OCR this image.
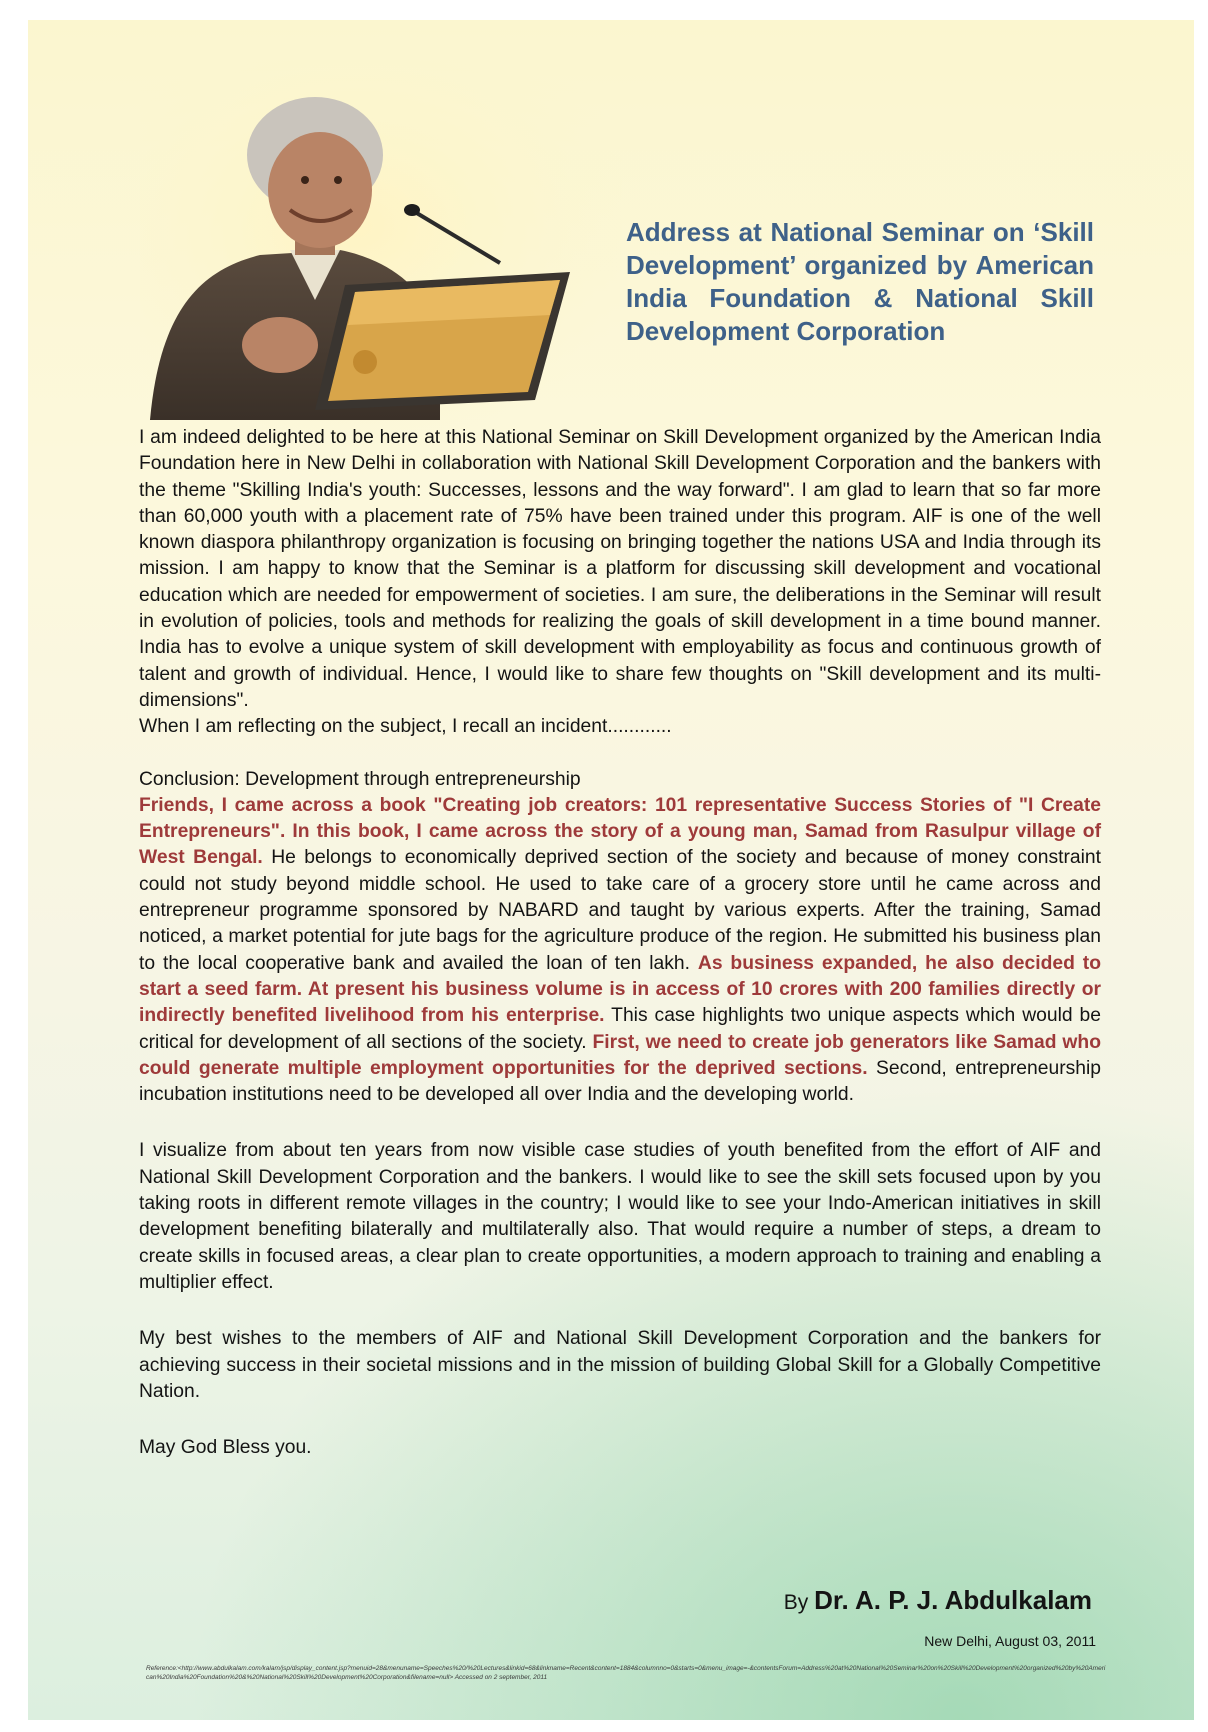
Address at National Seminar on ‘Skill Development’ organized by American India Foundation & National Skill Development Corporation

I am indeed delighted to be here at this National Seminar on Skill Development organized by the American India Foundation here in New Delhi in collaboration with National Skill Development Corporation and the bankers with the theme "Skilling India's youth: Successes, lessons and the way forward". I am glad to learn that so far more than 60,000 youth with a placement rate of 75% have been trained under this program. AIF is one of the well known diaspora philanthropy organization is focusing on bringing together the nations USA and India through its mission. I am happy to know that the Seminar is a platform for discussing skill development and vocational education which are needed for empowerment of societies. I am sure, the deliberations in the Seminar will result in evolution of policies, tools and methods for realizing the goals of skill development in a time bound manner. India has to evolve a unique system of skill development with employability as focus and continuous growth of talent and growth of individual. Hence, I would like to share few thoughts on "Skill development and its multi-dimensions".

When I am reflecting on the subject, I recall an incident............

Conclusion: Development through entrepreneurship

Friends, I came across a book "Creating job creators: 101 representative Success Stories of "I Create Entrepreneurs". In this book, I came across the story of a young man, Samad from Rasulpur village of West Bengal. He belongs to economically deprived section of the society and because of money constraint could not study beyond middle school. He used to take care of a grocery store until he came across and entrepreneur programme sponsored by NABARD and taught by various experts. After the training, Samad noticed, a market potential for jute bags for the agriculture produce of the region. He submitted his business plan to the local cooperative bank and availed the loan of ten lakh. As business expanded, he also decided to start a seed farm. At present his business volume is in access of 10 crores with 200 families directly or indirectly benefited livelihood from his enterprise. This case highlights two unique aspects which would be critical for development of all sections of the society. First, we need to create job generators like Samad who could generate multiple employment opportunities for the deprived sections. Second, entrepreneurship incubation institutions need to be developed all over India and the developing world.

I visualize from about ten years from now visible case studies of youth benefited from the effort of AIF and National Skill Development Corporation and the bankers. I would like to see the skill sets focused upon by you taking roots in different remote villages in the country; I would like to see your Indo-American initiatives in skill development benefiting bilaterally and multilaterally also. That would require a number of steps, a dream to create skills in focused areas, a clear plan to create opportunities, a modern approach to training and enabling a multiplier effect.

My best wishes to the members of AIF and National Skill Development Corporation and the bankers for achieving success in their societal missions and in the mission of building Global Skill for a Globally Competitive Nation.

May God Bless you.

By Dr. A. P. J. Abdulkalam
New Delhi, August 03, 2011
Reference:<http://www.abdulkalam.com/kalam/jsp/display_content.jsp?menuid=28&menuname=Speeches%20/%20Lectures&linkid=68&linkname=Recent&content=1884&columnno=0&starts=0&menu_image=-&contentsForum=Address%20at%20National%20Seminar%20on%20Skill%20Development%20organized%20by%20American%20India%20Foundation%20&%20National%20Skill%20Development%20Corporation&filename=null> Accessed on 2 september, 2011
